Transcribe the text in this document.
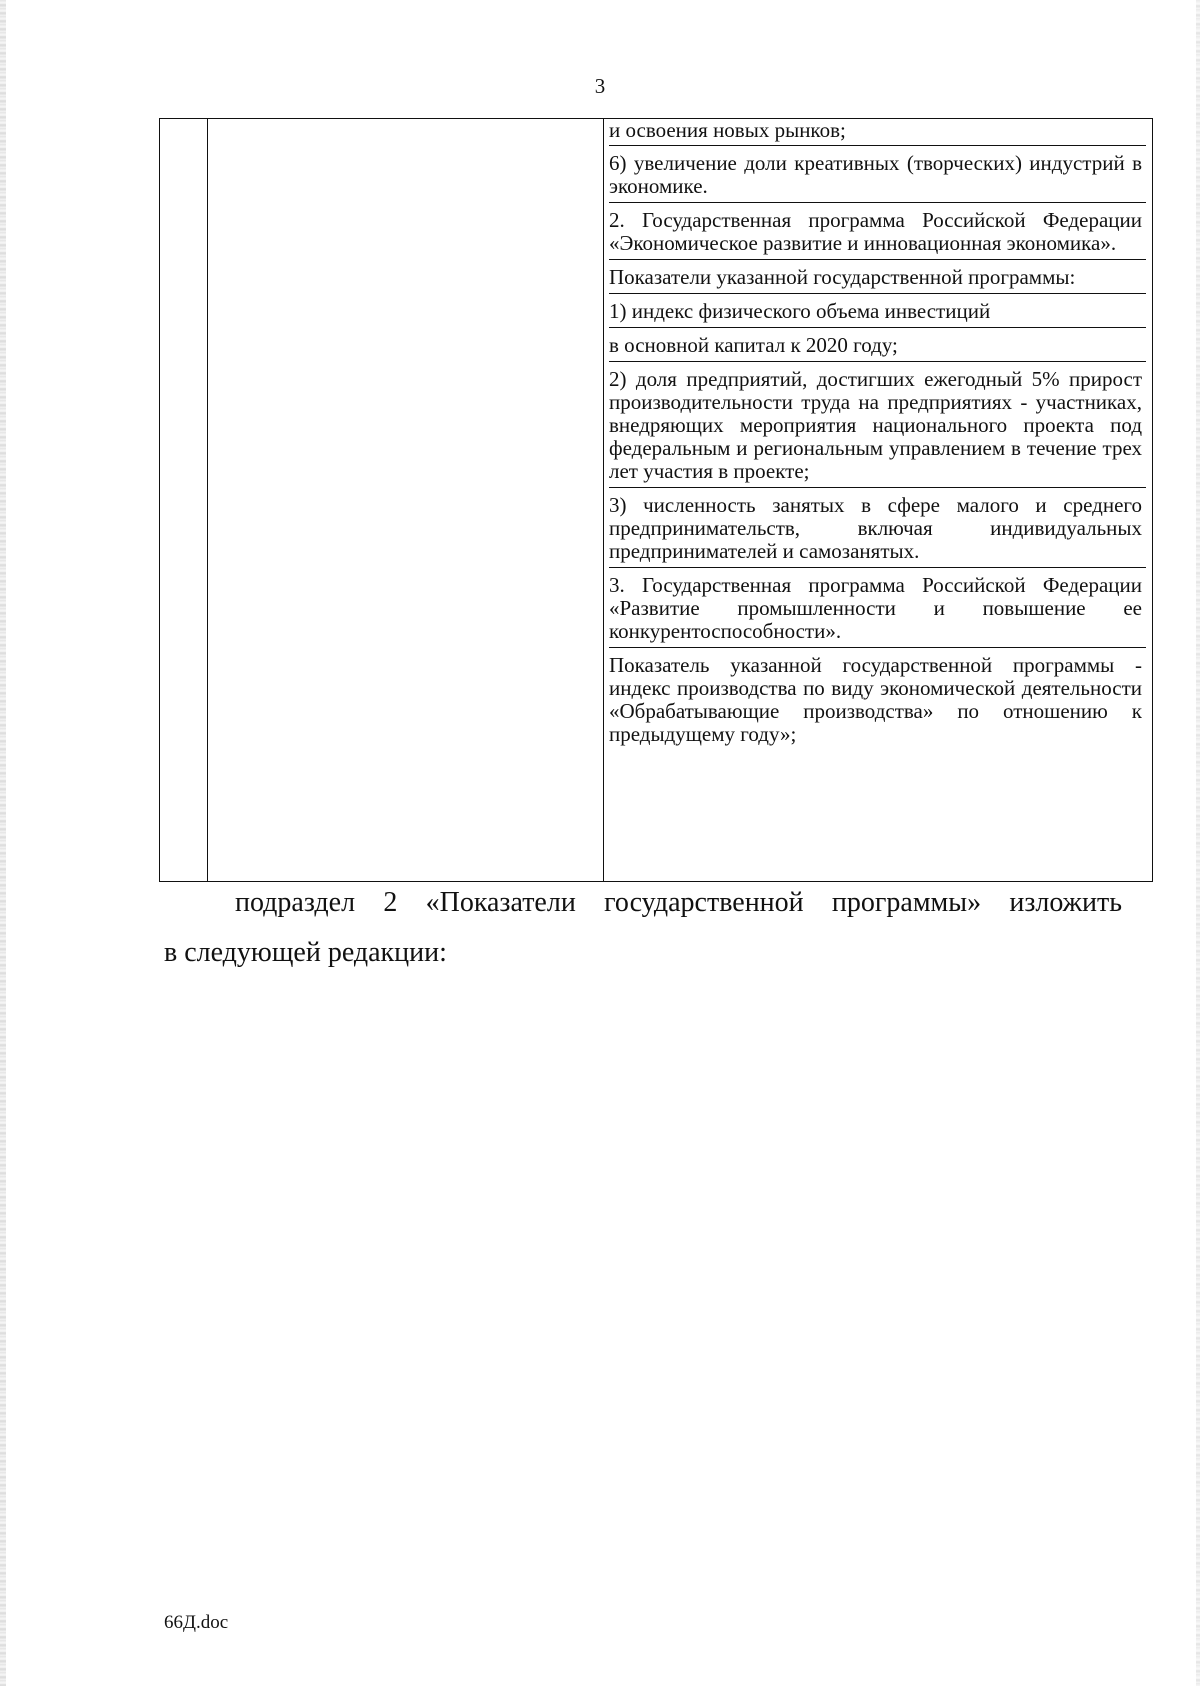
3
и освоения новых рынков;
6) увеличение доли креативных (творческих) индустрий в экономике.
2. Государственная программа Российской Федерации «Экономическое развитие и инновационная экономика».
Показатели указанной государственной программы:
1) индекс физического объема инвестиций
в основной капитал к 2020 году;
2) доля предприятий, достигших ежегодный 5% прирост производительности труда на предприятиях - участниках, внедряющих мероприятия национального проекта под федеральным и региональным управлением в течение трех лет участия в проекте;
3) численность занятых в сфере малого и среднего предпринимательств, включая индивидуальных предпринимателей и самозанятых.
3. Государственная программа Российской Федерации «Развитие промышленности и повышение ее конкурентоспособности».
Показатель указанной государственной программы - индекс производства по виду экономической деятельности «Обрабатывающие производства» по отношению к предыдущему году»;
подраздел 2 «Показатели государственной программы» изложить
в следующей редакции:
66Д.doc
